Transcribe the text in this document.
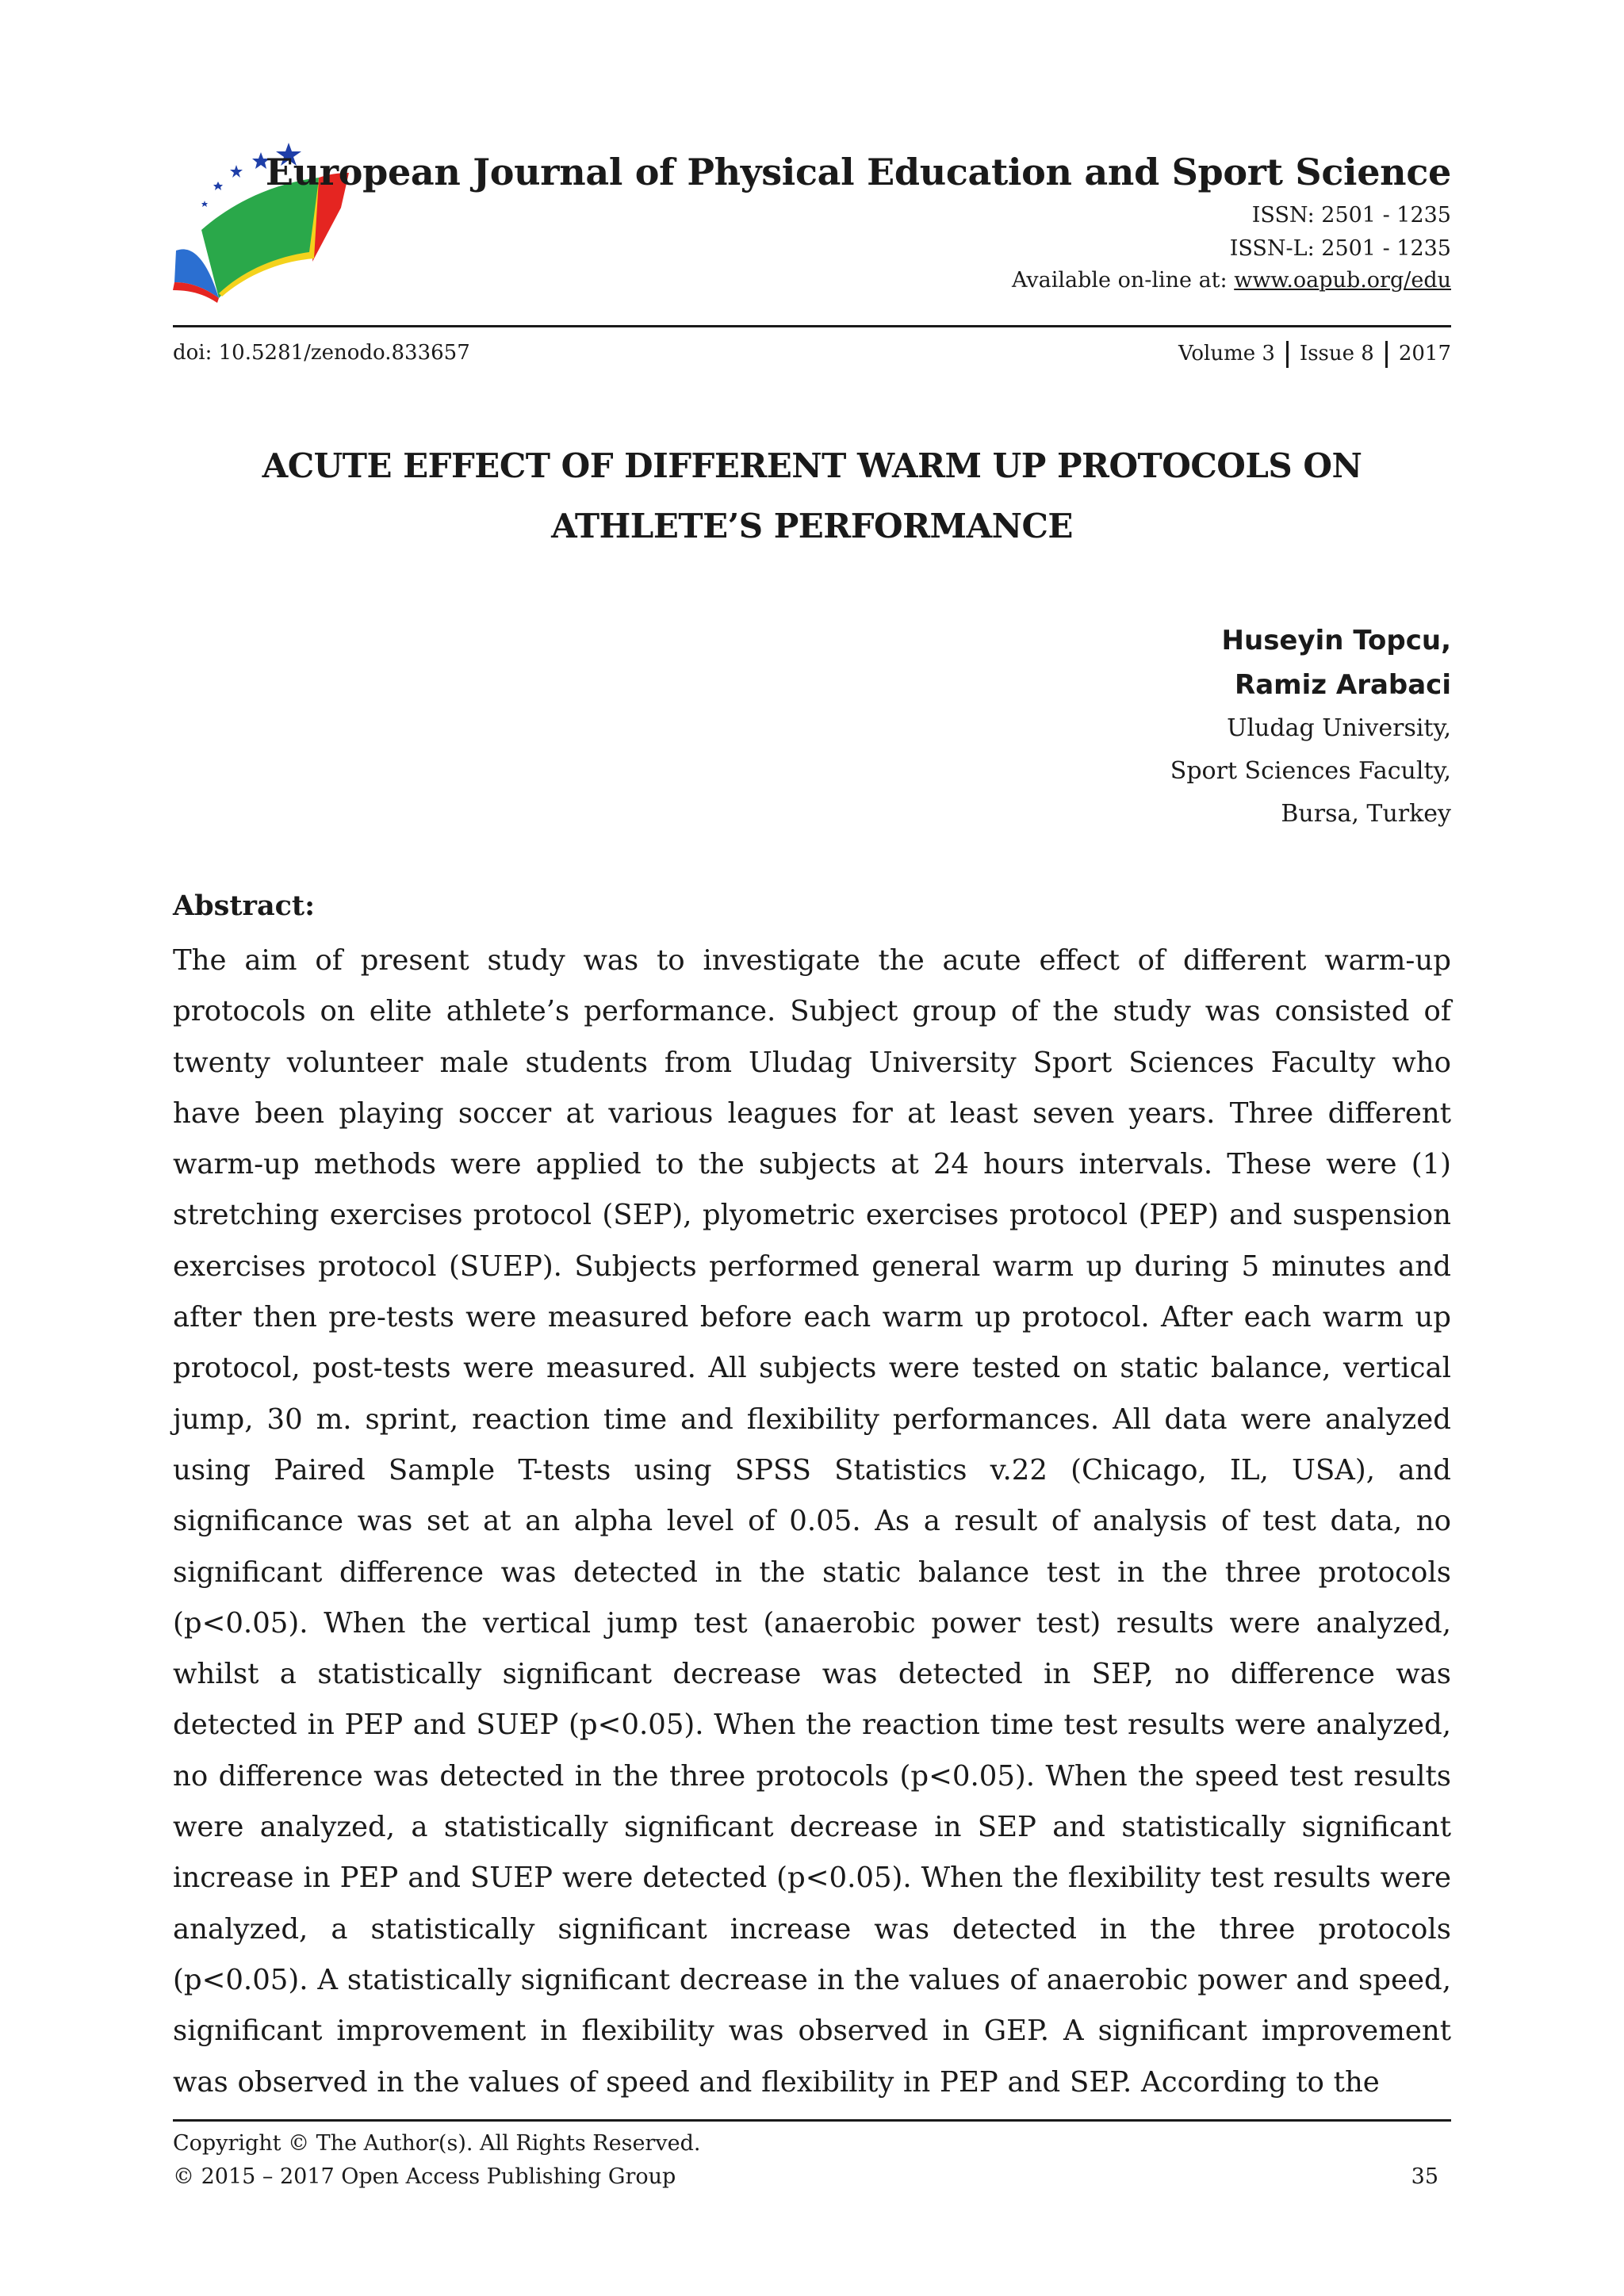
European Journal of Physical Education and Sport Science
ISSN: 2501 - 1235
ISSN-L: 2501 - 1235
Available on-line at: www.oapub.org/edu
doi: 10.5281/zenodo.833657	Volume 3 Issue 8 2017
ACUTE EFFECT OF DIFFERENT WARM UP PROTOCOLS ON
ATHLETE’S PERFORMANCE
Huseyin Topcu,
Ramiz Arabaci
Uludag University,
Sport Sciences Faculty,
Bursa, Turkey
Abstract:

The aim of present study was to investigate the acute effect of different warm-up protocols on elite athlete’s performance. Subject group of the study was consisted of twenty volunteer male students from Uludag University Sport Sciences Faculty who have been playing soccer at various leagues for at least seven years. Three different warm-up methods were applied to the subjects at 24 hours intervals. These were (1) stretching exercises protocol (SEP), plyometric exercises protocol (PEP) and suspension exercises protocol (SUEP). Subjects performed general warm up during 5 minutes and after then pre-tests were measured before each warm up protocol. After each warm up protocol, post-tests were measured. All subjects were tested on static balance, vertical jump, 30 m. sprint, reaction time and flexibility performances. All data were analyzed using Paired Sample T-tests using SPSS Statistics v.22 (Chicago, IL, USA), and significance was set at an alpha level of 0.05. As a result of analysis of test data, no significant difference was detected in the static balance test in the three protocols (p<0.05). When the vertical jump test (anaerobic power test) results were analyzed, whilst a statistically significant decrease was detected in SEP, no difference was detected in PEP and SUEP (p<0.05). When the reaction time test results were analyzed, no difference was detected in the three protocols (p<0.05). When the speed test results were analyzed, a statistically significant decrease in SEP and statistically significant increase in PEP and SUEP were detected (p<0.05). When the flexibility test results were analyzed, a statistically significant increase was detected in the three protocols (p<0.05). A statistically significant decrease in the values of anaerobic power and speed, significant improvement in flexibility was observed in GEP. A significant improvement was observed in the values of speed and flexibility in PEP and SEP. According to the

Copyright © The Author(s). All Rights Reserved.
© 2015 – 2017 Open Access Publishing Group	35
